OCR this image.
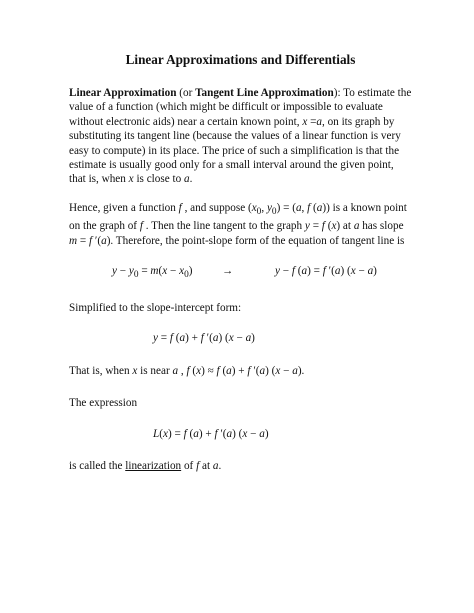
Linear Approximations and Differentials

Linear Approximation (or Tangent Line Approximation): To estimate the value of a function (which might be difficult or impossible to evaluate without electronic aids) near a certain known point, x =a, on its graph by substituting its tangent line (because the values of a linear function is very easy to compute) in its place. The price of such a simplification is that the estimate is usually good only for a small interval around the given point, that is, when x is close to a.

Hence, given a function f , and suppose ($x_0$, $y_0) = (a$, f (a)) is a known point on the graph of f . Then the line tangent to the graph y = f (x) at a has slope m = f ′(a). Therefore, the point-slope form of the equation of tangent line is

$y - y_0 = m(x - x_0)$	→	y − f (a) = f ′(a) (x − a)

Simplified to the slope-intercept form:

y = f (a) + f ′(a) (x − a)

That is, when x is near a , f (x) ≈ f (a) + f ′(a) (x − a).

The expression

L(x) = f (a) + f ′(a) (x − a)

is called the linearization of f at a.
